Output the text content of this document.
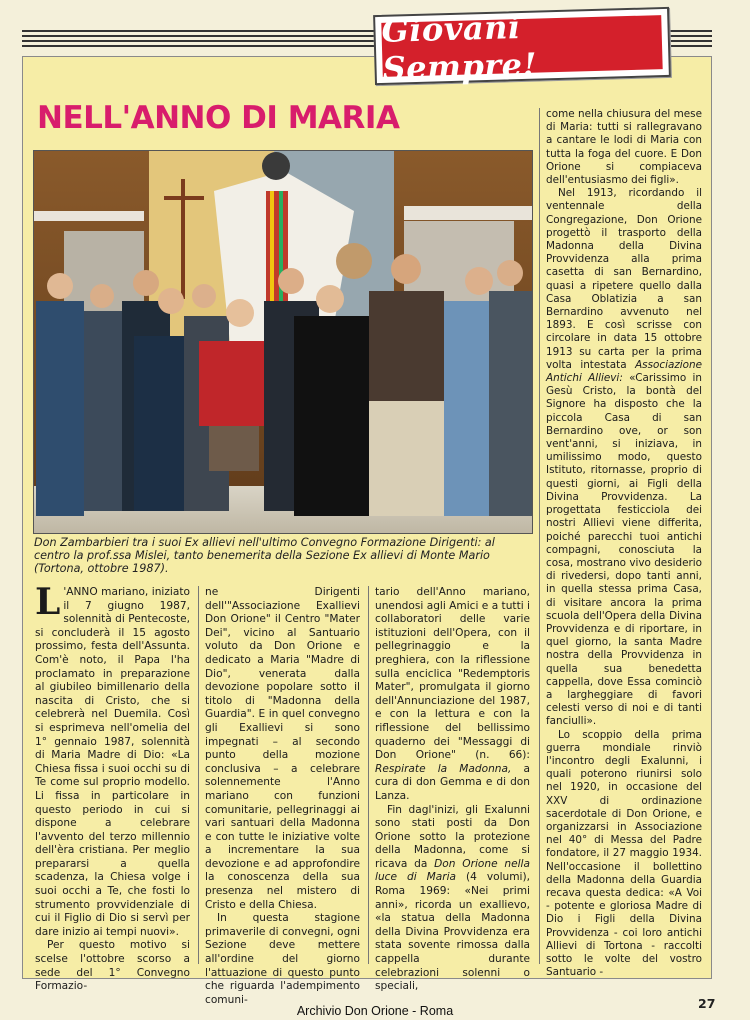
Giovani Sempre!
NELL'ANNO DI MARIA
Don Zambarbieri tra i suoi Ex allievi nell'ultimo Convegno Formazione Dirigenti: al centro la prof.ssa Mislei, tanto benemerita della Sezione Ex allievi di Monte Mario (Tortona, ottobre 1987).

L 'ANNO mariano, iniziato il 7 giugno 1987, solennità di Pentecoste, si concluderà il 15 agosto prossimo, festa dell'Assunta. Com'è noto, il Papa l'ha proclamato in preparazione al giubileo bimillenario della nascita di Cristo, che si celebrerà nel Duemila. Così si esprimeva nell'omelia del 1° gennaio 1987, solennità di Maria Madre di Dio: «La Chiesa fissa i suoi occhi su di Te come sul proprio modello. Li fissa in particolare in questo periodo in cui si dispone a celebrare l'avvento del terzo millennio dell'èra cristiana. Per meglio prepararsi a quella scadenza, la Chiesa volge i suoi occhi a Te, che fosti lo strumento provvidenziale di cui il Figlio di Dio si servì per dare inizio ai tempi nuovi».

Per questo motivo si scelse l'ottobre scorso a sede del 1° Convegno Formazio-

ne Dirigenti dell'"Associazione Exallievi Don Orione" il Centro "Mater Dei", vicino al Santuario voluto da Don Orione e dedicato a Maria "Madre di Dio", venerata dalla devozione popolare sotto il titolo di "Madonna della Guardia". E in quel convegno gli Exallievi si sono impegnati – al secondo punto della mozione conclusiva – a celebrare solennemente l'Anno mariano con funzioni comunitarie, pellegrinaggi ai vari santuari della Madonna e con tutte le iniziative volte a incrementare la sua devozione e ad approfondire la conoscenza della sua presenza nel mistero di Cristo e della Chiesa.

In questa stagione primaverile di convegni, ogni Sezione deve mettere all'ordine del giorno l'attuazione di questo punto che riguarda l'adempimento comuni-

tario dell'Anno mariano, unendosi agli Amici e a tutti i collaboratori delle varie istituzioni dell'Opera, con il pellegrinaggio e la preghiera, con la riflessione sulla enciclica "Redemptoris Mater", promulgata il giorno dell'Annunciazione del 1987, e con la lettura e con la riflessione del bellissimo quaderno dei "Messaggi di Don Orione" (n. 66): Respirate la Madonna, a cura di don Gemma e di don Lanza.

Fin dagl'inizi, gli Exalunni sono stati posti da Don Orione sotto la protezione della Madonna, come si ricava da Don Orione nella luce di Maria (4 volumi), Roma 1969: «Nei primi anni», ricorda un exallievo, «la statua della Madonna della Divina Provvidenza era stata sovente rimossa dalla cappella durante celebrazioni solenni o speciali,

come nella chiusura del mese di Maria: tutti si rallegravano a cantare le lodi di Maria con tutta la foga del cuore. E Don Orione si compiaceva dell'entusiasmo dei figli».

Nel 1913, ricordando il ventennale della Congregazione, Don Orione progettò il trasporto della Madonna della Divina Provvidenza alla prima casetta di san Bernardino, quasi a ripetere quello dalla Casa Oblatizia a san Bernardino avvenuto nel 1893. E così scrisse con circolare in data 15 ottobre 1913 su carta per la prima volta intestata Associazione Antichi Allievi: «Carissimo in Gesù Cristo, la bontà del Signore ha disposto che la piccola Casa di san Bernardino ove, or son vent'anni, si iniziava, in umilissimo modo, questo Istituto, ritornasse, proprio di questi giorni, ai Figli della Divina Provvidenza. La progettata festicciola dei nostri Allievi viene differita, poiché parecchi tuoi antichi compagni, conosciuta la cosa, mostrano vivo desiderio di rivedersi, dopo tanti anni, in quella stessa prima Casa, di visitare ancora la prima scuola dell'Opera della Divina Provvidenza e di riportare, in quel giorno, la santa Madre nostra della Provvidenza in quella sua benedetta cappella, dove Essa cominciò a largheggiare di favori celesti verso di noi e di tanti fanciulli».

Lo scoppio della prima guerra mondiale rinviò l'incontro degli Exalunni, i quali poterono riunirsi solo nel 1920, in occasione del XXV di ordinazione sacerdotale di Don Orione, e organizzarsi in Associazione nel 40° di Messa del Padre fondatore, il 27 maggio 1934. Nell'occasione il bollettino della Madonna della Guardia recava questa dedica: «A Voi - potente e gloriosa Madre di Dio i Figli della Divina Provvidenza - coi loro antichi Allievi di Tortona - raccolti sotto le volte del vostro Santuario -

Archivio Don Orione - Roma	27
